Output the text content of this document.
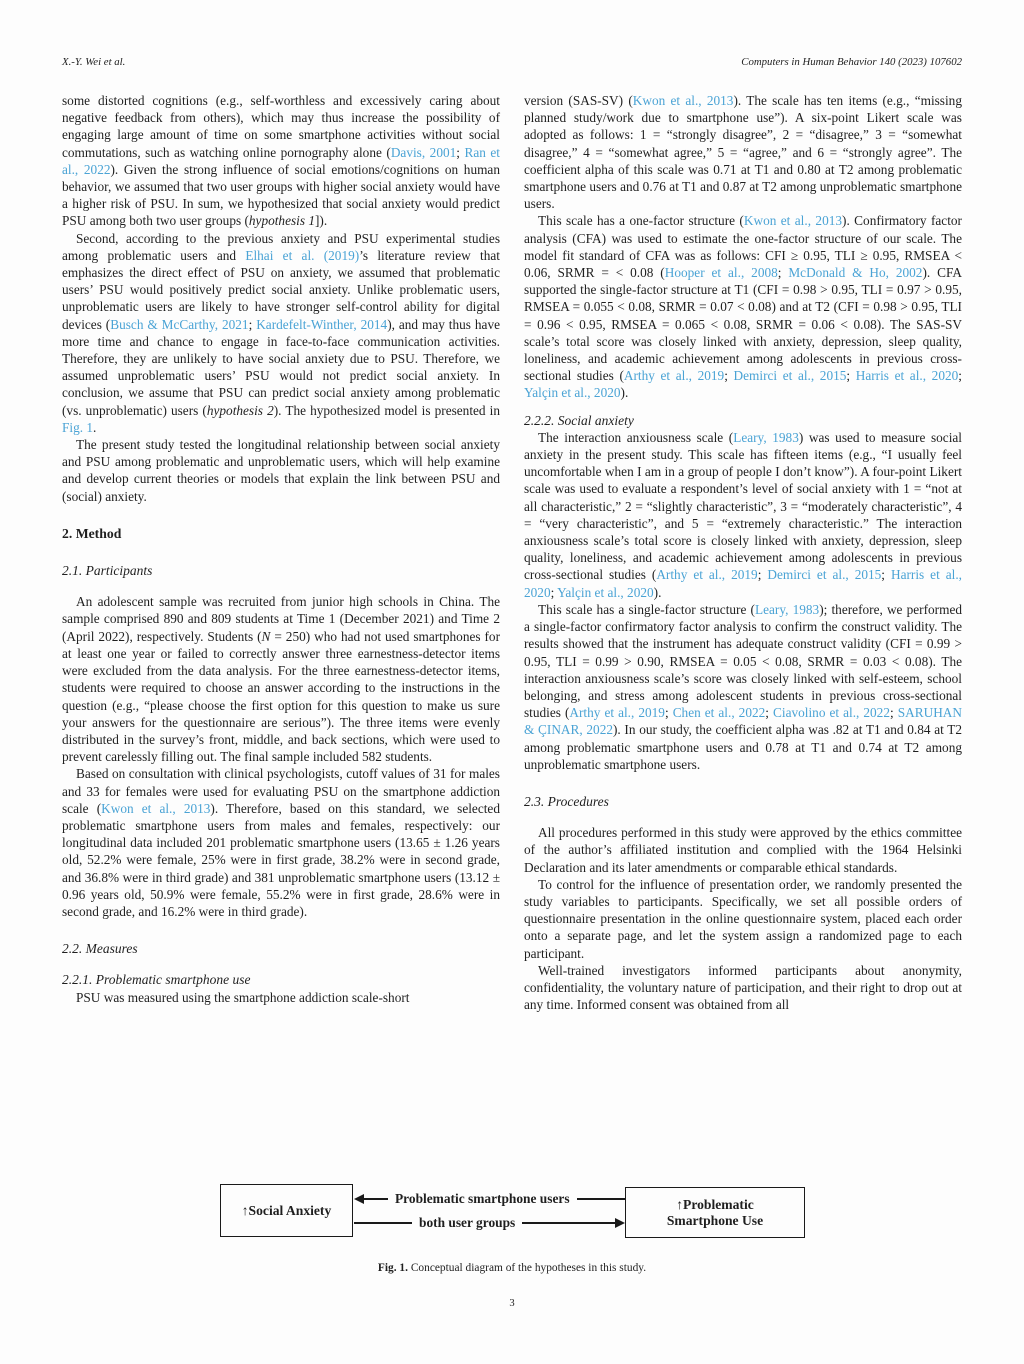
X.-Y. Wei et al.	Computers in Human Behavior 140 (2023) 107602

some distorted cognitions (e.g., self-worthless and excessively caring about negative feedback from others), which may thus increase the possibility of engaging large amount of time on some smartphone activities without social commutations, such as watching online pornography alone (Davis, 2001; Ran et al., 2022). Given the strong influence of social emotions/cognitions on human behavior, we assumed that two user groups with higher social anxiety would have a higher risk of PSU. In sum, we hypothesized that social anxiety would predict PSU among both two user groups (hypothesis 1]).

Second, according to the previous anxiety and PSU experimental studies among problematic users and Elhai et al. (2019)’s literature review that emphasizes the direct effect of PSU on anxiety, we assumed that problematic users’ PSU would positively predict social anxiety. Unlike problematic users, unproblematic users are likely to have stronger self-control ability for digital devices (Busch & McCarthy, 2021; Kardefelt-Winther, 2014), and may thus have more time and chance to engage in face-to-face communication activities. Therefore, they are unlikely to have social anxiety due to PSU. Therefore, we assumed unproblematic users’ PSU would not predict social anxiety. In conclusion, we assume that PSU can predict social anxiety among problematic (vs. unproblematic) users (hypothesis 2). The hypothesized model is presented in Fig. 1.

The present study tested the longitudinal relationship between social anxiety and PSU among problematic and unproblematic users, which will help examine and develop current theories or models that explain the link between PSU and (social) anxiety.

2. Method
2.1. Participants

An adolescent sample was recruited from junior high schools in China. The sample comprised 890 and 809 students at Time 1 (December 2021) and Time 2 (April 2022), respectively. Students (N = 250) who had not used smartphones for at least one year or failed to correctly answer three earnestness-detector items were excluded from the data analysis. For the three earnestness-detector items, students were required to choose an answer according to the instructions in the question (e.g., “please choose the first option for this question to make us sure your answers for the questionnaire are serious”). The three items were evenly distributed in the survey’s front, middle, and back sections, which were used to prevent carelessly filling out. The final sample included 582 students.

Based on consultation with clinical psychologists, cutoff values of 31 for males and 33 for females were used for evaluating PSU on the smartphone addiction scale (Kwon et al., 2013). Therefore, based on this standard, we selected problematic smartphone users from males and females, respectively: our longitudinal data included 201 problematic smartphone users (13.65 ± 1.26 years old, 52.2% were female, 25% were in first grade, 38.2% were in second grade, and 36.8% were in third grade) and 381 unproblematic smartphone users (13.12 ± 0.96 years old, 50.9% were female, 55.2% were in first grade, 28.6% were in second grade, and 16.2% were in third grade).

2.2. Measures
2.2.1. Problematic smartphone use

PSU was measured using the smartphone addiction scale-short

version (SAS-SV) (Kwon et al., 2013). The scale has ten items (e.g., “missing planned study/work due to smartphone use”). A six-point Likert scale was adopted as follows: 1 = “strongly disagree”, 2 = “disagree,” 3 = “somewhat disagree,” 4 = “somewhat agree,” 5 = “agree,” and 6 = “strongly agree”. The coefficient alpha of this scale was 0.71 at T1 and 0.80 at T2 among problematic smartphone users and 0.76 at T1 and 0.87 at T2 among unproblematic smartphone users.

This scale has a one-factor structure (Kwon et al., 2013). Confirmatory factor analysis (CFA) was used to estimate the one-factor structure of our scale. The model fit standard of CFA was as follows: CFI ≥ 0.95, TLI ≥ 0.95, RMSEA < 0.06, SRMR = < 0.08 (Hooper et al., 2008; McDonald & Ho, 2002). CFA supported the single-factor structure at T1 (CFI = 0.98 > 0.95, TLI = 0.97 > 0.95, RMSEA = 0.055 < 0.08, SRMR = 0.07 < 0.08) and at T2 (CFI = 0.98 > 0.95, TLI = 0.96 < 0.95, RMSEA = 0.065 < 0.08, SRMR = 0.06 < 0.08). The SAS-SV scale’s total score was closely linked with anxiety, depression, sleep quality, loneliness, and academic achievement among adolescents in previous cross-sectional studies (Arthy et al., 2019; Demirci et al., 2015; Harris et al., 2020; Yalçin et al., 2020).

2.2.2. Social anxiety

The interaction anxiousness scale (Leary, 1983) was used to measure social anxiety in the present study. This scale has fifteen items (e.g., “I usually feel uncomfortable when I am in a group of people I don’t know”). A four-point Likert scale was used to evaluate a respondent’s level of social anxiety with 1 = “not at all characteristic,” 2 = “slightly characteristic”, 3 = “moderately characteristic”, 4 = “very characteristic”, and 5 = “extremely characteristic.” The interaction anxiousness scale’s total score is closely linked with anxiety, depression, sleep quality, loneliness, and academic achievement among adolescents in previous cross-sectional studies (Arthy et al., 2019; Demirci et al., 2015; Harris et al., 2020; Yalçin et al., 2020).

This scale has a single-factor structure (Leary, 1983); therefore, we performed a single-factor confirmatory factor analysis to confirm the construct validity. The results showed that the instrument has adequate construct validity (CFI = 0.99 > 0.95, TLI = 0.99 > 0.90, RMSEA = 0.05 < 0.08, SRMR = 0.03 < 0.08). The interaction anxiousness scale’s score was closely linked with self-esteem, school belonging, and stress among adolescent students in previous cross-sectional studies (Arthy et al., 2019; Chen et al., 2022; Ciavolino et al., 2022; SARUHAN & ÇINAR, 2022). In our study, the coefficient alpha was .82 at T1 and 0.84 at T2 among problematic smartphone users and 0.78 at T1 and 0.74 at T2 among unproblematic smartphone users.

2.3. Procedures

All procedures performed in this study were approved by the ethics committee of the author’s affiliated institution and complied with the 1964 Helsinki Declaration and its later amendments or comparable ethical standards.

To control for the influence of presentation order, we randomly presented the study variables to participants. Specifically, we set all possible orders of questionnaire presentation in the online questionnaire system, placed each order onto a separate page, and let the system assign a randomized page to each participant.

Well-trained investigators informed participants about anonymity, confidentiality, the voluntary nature of participation, and their right to drop out at any time. Informed consent was obtained from all

↑Social Anxiety
Problematic smartphone users
both user groups
↑Problematic
Smartphone Use
Fig. 1. Conceptual diagram of the hypotheses in this study.
3
